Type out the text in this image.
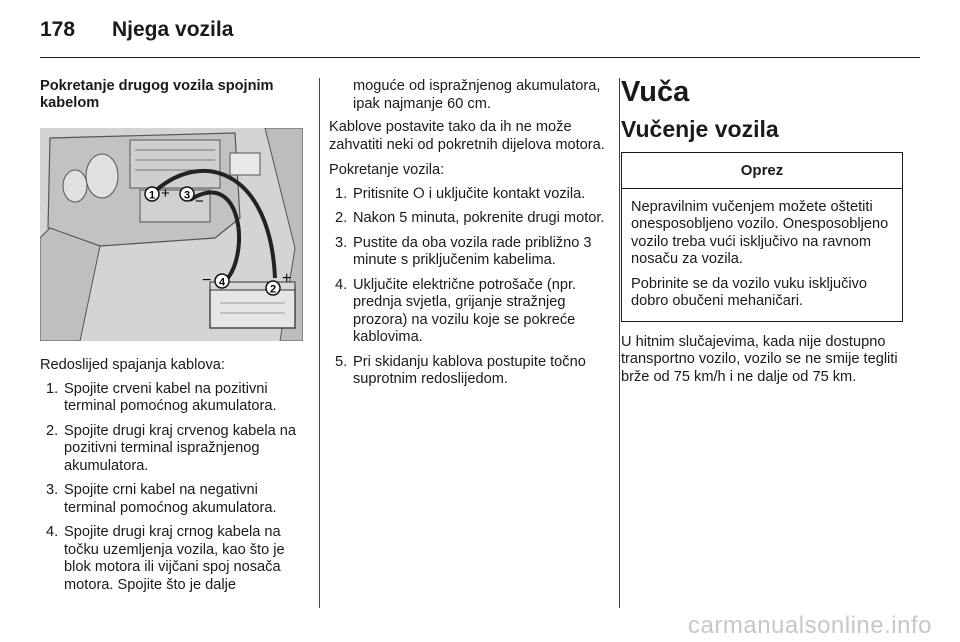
178 Njega vozila

Pokretanje drugog vozila spojnim kabelom

1 + 3 −
− 4
2
+

Redoslijed spajanja kablova:

1. Spojite crveni kabel na pozitivni terminal pomoćnog akumulatora.
2. Spojite drugi kraj crvenog kabela na pozitivni terminal ispražnjenog akumulatora.
3. Spojite crni kabel na negativni terminal pomoćnog akumulatora.
4. Spojite drugi kraj crnog kabela na točku uzemljenja vozila, kao što je blok motora ili vijčani spoj nosača motora. Spojite što je dalje

moguće od ispražnjenog akumulatora, ipak najmanje 60 cm.

Kablove postavite tako da ih ne može zahvatiti neki od pokretnih dijelova motora.

Pokretanje vozila:

1. Pritisnite ⭘ i uključite kontakt vozila.
2. Nakon 5 minuta, pokrenite drugi motor.
3. Pustite da oba vozila rade približno 3 minute s priključenim kabelima.
4. Uključite električne potrošače (npr. prednja svjetla, grijanje stražnjeg prozora) na vozilu koje se pokreće kablovima.
5. Pri skidanju kablova postupite točno suprotnim redoslijedom.
Vuča
Vučenje vozila
Oprez

Nepravilnim vučenjem možete oštetiti onesposobljeno vozilo. Onesposobljeno vozilo treba vući isključivo na ravnom nosaču za vozila.

Pobrinite se da vozilo vuku isključivo dobro obučeni mehaničari.

U hitnim slučajevima, kada nije dostupno transportno vozilo, vozilo se ne smije tegliti brže od 75 km/h i ne dalje od 75 km.

carmanualsonline.info
